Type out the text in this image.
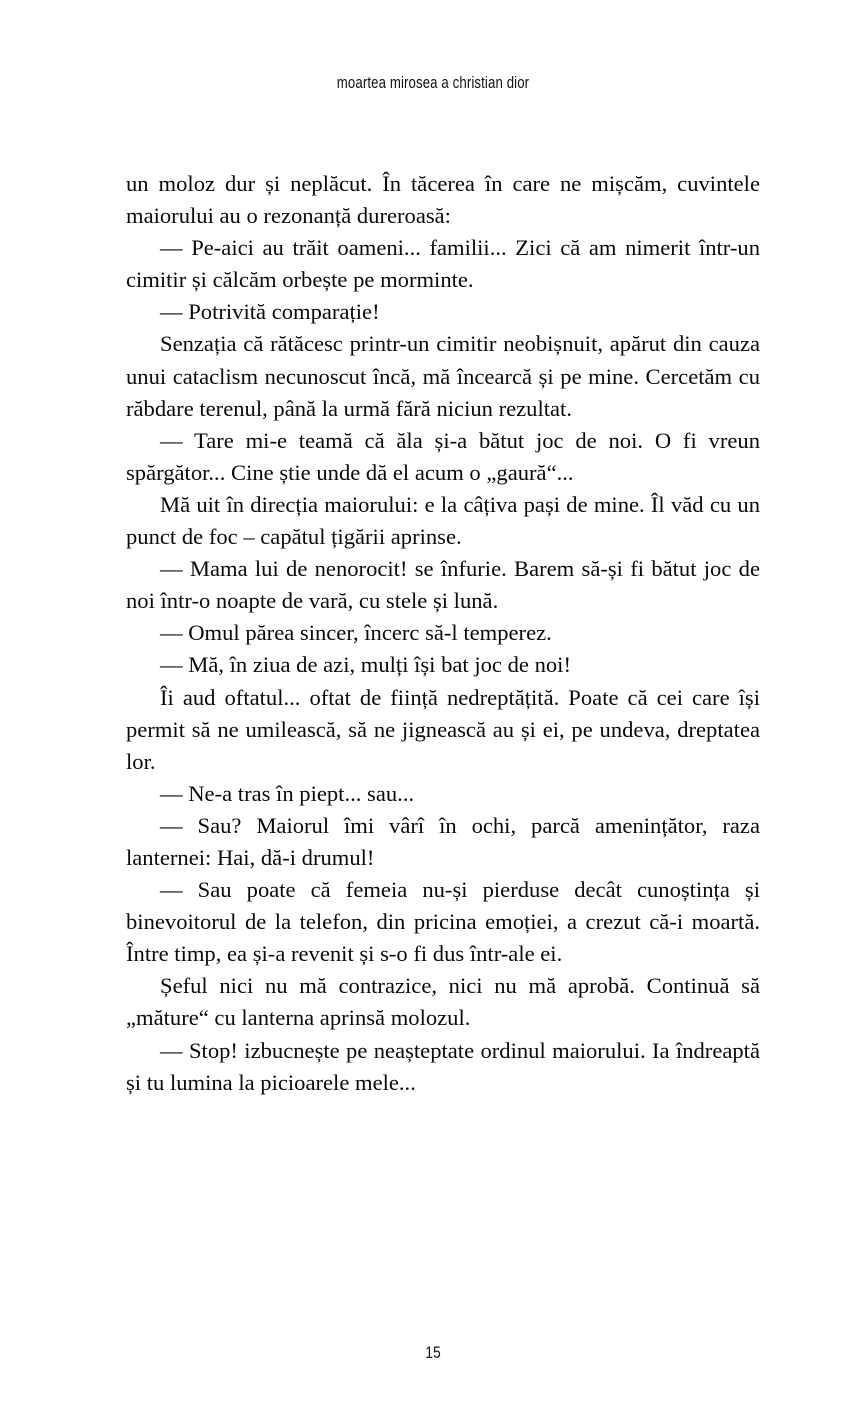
moartea mirosea a christian dior

un moloz dur și neplăcut. În tăcerea în care ne mișcăm, cuvintele maiorului au o rezonanță dureroasă:

— Pe-aici au trăit oameni... familii... Zici că am nimerit într-un cimitir și călcăm orbește pe morminte.

— Potrivită comparație!

Senzația că rătăcesc printr-un cimitir neobișnuit, apărut din cauza unui cataclism necunoscut încă, mă încearcă și pe mine. Cercetăm cu răbdare terenul, până la urmă fără niciun rezultat.

— Tare mi-e teamă că ăla și-a bătut joc de noi. O fi vreun spărgător... Cine știe unde dă el acum o „gaură“...

Mă uit în direcția maiorului: e la câțiva pași de mine. Îl văd cu un punct de foc – capătul țigării aprinse.

— Mama lui de nenorocit! se înfurie. Barem să-și fi bătut joc de noi într-o noapte de vară, cu stele și lună.

— Omul părea sincer, încerc să-l temperez.

— Mă, în ziua de azi, mulți își bat joc de noi!

Îi aud oftatul... oftat de ființă nedreptățită. Poate că cei care își permit să ne umilească, să ne jignească au și ei, pe undeva, dreptatea lor.

— Ne-a tras în piept... sau...

— Sau? Maiorul îmi vârî în ochi, parcă amenințător, raza lanternei: Hai, dă-i drumul!

— Sau poate că femeia nu-și pierduse decât cunoștința și binevoitorul de la telefon, din pricina emoției, a crezut că-i moartă. Între timp, ea și-a revenit și s-o fi dus într-ale ei.

Șeful nici nu mă contrazice, nici nu mă aprobă. Continuă să „măture“ cu lanterna aprinsă molozul.

— Stop! izbucnește pe neașteptate ordinul maiorului. Ia îndreaptă și tu lumina la picioarele mele...

15
